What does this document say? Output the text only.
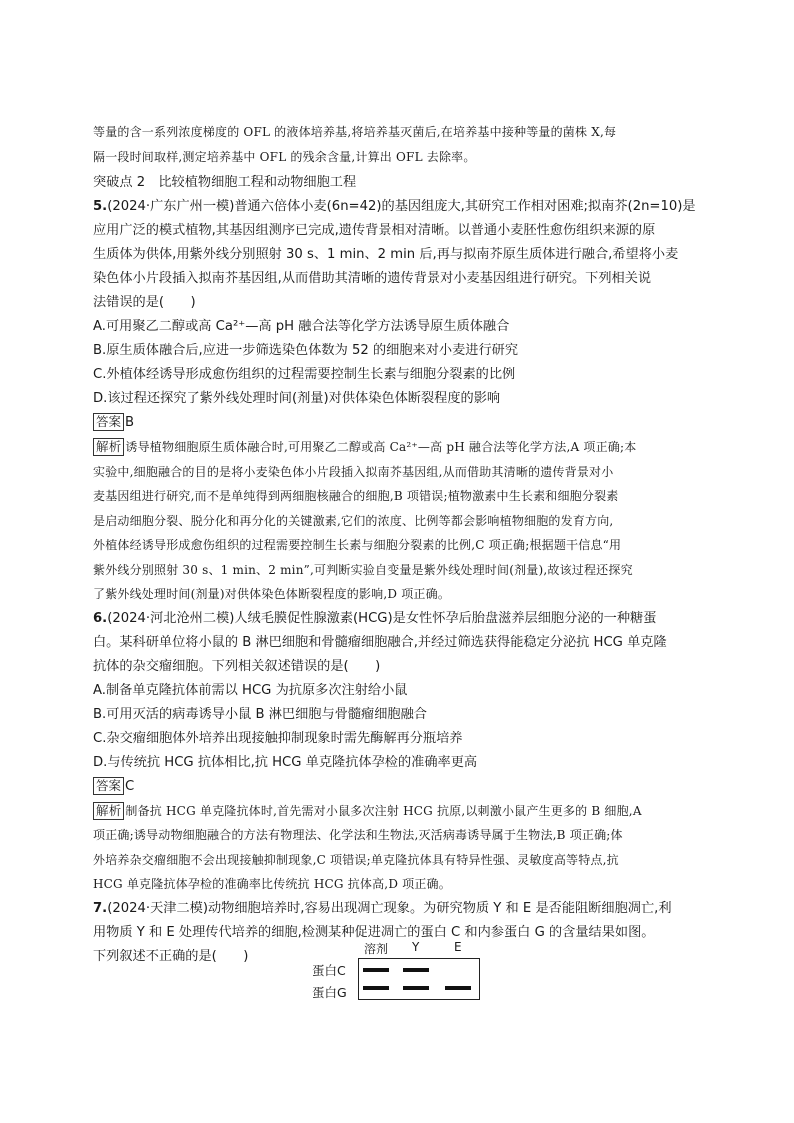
等量的含一系列浓度梯度的 OFL 的液体培养基,将培养基灭菌后,在培养基中接种等量的菌株 X,每
隔一段时间取样,测定培养基中 OFL 的残余含量,计算出 OFL 去除率。
突破点 2　比较植物细胞工程和动物细胞工程
5.(2024·广东广州一模)普通六倍体小麦(6n=42)的基因组庞大,其研究工作相对困难;拟南芥(2n=10)是
应用广泛的模式植物,其基因组测序已完成,遗传背景相对清晰。以普通小麦胚性愈伤组织来源的原
生质体为供体,用紫外线分别照射 30 s、1 min、2 min 后,再与拟南芥原生质体进行融合,希望将小麦
染色体小片段插入拟南芥基因组,从而借助其清晰的遗传背景对小麦基因组进行研究。下列相关说
法错误的是(　　)
A.可用聚乙二醇或高 Ca²⁺—高 pH 融合法等化学方法诱导原生质体融合
B.原生质体融合后,应进一步筛选染色体数为 52 的细胞来对小麦进行研究
C.外植体经诱导形成愈伤组织的过程需要控制生长素与细胞分裂素的比例
D.该过程还探究了紫外线处理时间(剂量)对供体染色体断裂程度的影响
答案 B
解析 诱导植物细胞原生质体融合时,可用聚乙二醇或高 Ca²⁺—高 pH 融合法等化学方法,A 项正确;本
实验中,细胞融合的目的是将小麦染色体小片段插入拟南芥基因组,从而借助其清晰的遗传背景对小
麦基因组进行研究,而不是单纯得到两细胞核融合的细胞,B 项错误;植物激素中生长素和细胞分裂素
是启动细胞分裂、脱分化和再分化的关键激素,它们的浓度、比例等都会影响植物细胞的发育方向,
外植体经诱导形成愈伤组织的过程需要控制生长素与细胞分裂素的比例,C 项正确;根据题干信息“用
紫外线分别照射 30 s、1 min、2 min”,可判断实验自变量是紫外线处理时间(剂量),故该过程还探究
了紫外线处理时间(剂量)对供体染色体断裂程度的影响,D 项正确。
6.(2024·河北沧州二模)人绒毛膜促性腺激素(HCG)是女性怀孕后胎盘滋养层细胞分泌的一种糖蛋
白。某科研单位将小鼠的 B 淋巴细胞和骨髓瘤细胞融合,并经过筛选获得能稳定分泌抗 HCG 单克隆
抗体的杂交瘤细胞。下列相关叙述错误的是(　　)
A.制备单克隆抗体前需以 HCG 为抗原多次注射给小鼠
B.可用灭活的病毒诱导小鼠 B 淋巴细胞与骨髓瘤细胞融合
C.杂交瘤细胞体外培养出现接触抑制现象时需先酶解再分瓶培养
D.与传统抗 HCG 抗体相比,抗 HCG 单克隆抗体孕检的准确率更高
答案 C
解析 制备抗 HCG 单克隆抗体时,首先需对小鼠多次注射 HCG 抗原,以刺激小鼠产生更多的 B 细胞,A
项正确;诱导动物细胞融合的方法有物理法、化学法和生物法,灭活病毒诱导属于生物法,B 项正确;体
外培养杂交瘤细胞不会出现接触抑制现象,C 项错误;单克隆抗体具有特异性强、灵敏度高等特点,抗
HCG 单克隆抗体孕检的准确率比传统抗 HCG 抗体高,D 项正确。
7.(2024·天津二模)动物细胞培养时,容易出现凋亡现象。为研究物质 Y 和 E 是否能阻断细胞凋亡,利
用物质 Y 和 E 处理传代培养的细胞,检测某种促进凋亡的蛋白 C 和内参蛋白 G 的含量结果如图。
下列叙述不正确的是(　　)	溶剂 Y	E
蛋白C
蛋白G
